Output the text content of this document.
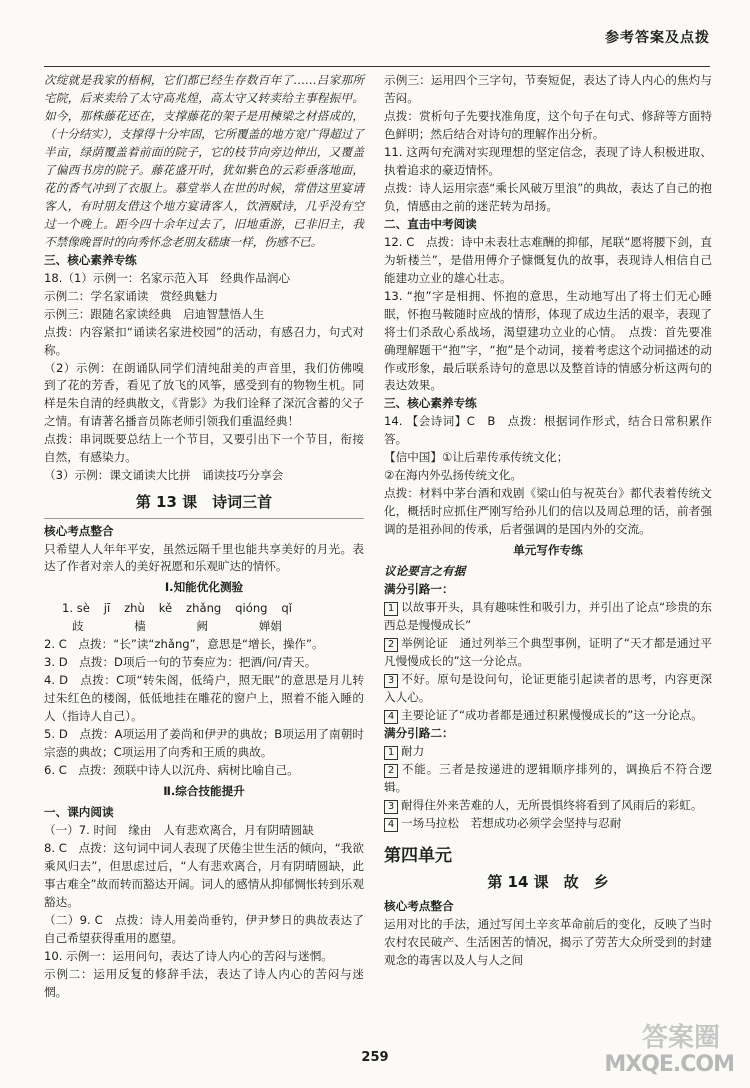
参考答案及点拨

次绽就是我家的梧桐，它们都已经生存数百年了……吕家那所宅院，后来卖给了太守高兆煌，高太守又转卖给主事程振甲。如今，那株藤花还在，支撑藤花的架子是用楝梁之材搭成的，（十分结实），支撑得十分牢固，它所覆盖的地方宽广得超过了半亩，绿荫覆盖着前面的院子，它的枝节向旁边伸出，又覆盖了偏西书房的院子。藤花盛开时，犹如紫色的云彩垂落地面，花的香气冲到了衣服上。慕堂举人在世的时候，常借这里宴请客人，有时朋友借这个地方宴请客人，饮酒赋诗，几乎没有空过一个晚上。距今四十余年过去了，旧地重游，已非旧主，我不禁像晚晋时的向秀怀念老朋友嵇康一样，伤感不已。

三、核心素养专练

18.（1）示例一：名家示范入耳　经典作品润心

示例二：学名家诵读　赏经典魅力

示例三：跟随名家读经典　启迪智慧悟人生

点拨：内容紧扣“诵读名家进校园”的活动，有感召力，句式对称。

（2）示例：在朗诵队同学们清纯甜美的声音里，我们仿佛嗅到了花的芳香，看见了放飞的风筝，感受到有的物物生机。同样是朱自清的经典散文，《背影》为我们诠释了深沉含蓄的父子之情。有请著名播音员陈老师引领我们重温经典！

点拨：串词既要总结上一个节目，又要引出下一个节目，衔接自然，有感染力。

（3）示例：课文诵读大比拼　诵读技巧分享会

第 13 课　诗词三首

核心考点整合

只希望人人年年平安，虽然远隔千里也能共享美好的月光。表达了作者对亲人的美好祝愿和乐观旷达的情怀。

Ⅰ.知能优化测验
1. sè jī zhù kě zhǎng qióng qǐ
歧	樯	阙	婵娟

2. C　点拨：“长”读“zhǎng”，意思是“增长，操作”。

3. D　点拨：D项后一句的节奏应为：把酒/问/青天。

4. D　点拨：C项“转朱阁，低绮户，照无眠”的意思是月儿转过朱红色的楼阁，低低地挂在雕花的窗户上，照着不能入睡的人（指诗人自己）。

5. D　点拨：A项运用了姜尚和伊尹的典故；B项运用了南朝时宗悫的典故；C项运用了向秀和王质的典故。

6. C　点拨：颈联中诗人以沉舟、病树比喻自己。

Ⅱ.综合技能提升

一、课内阅读

（一）7. 时间　缘由　人有悲欢离合，月有阴晴圆缺

8. C　点拨：这句词中词人表现了厌倦尘世生活的倾向，“我欲乘风归去”，但思虑过后，“人有悲欢离合，月有阴晴圆缺，此事古难全”故而转而豁达开阔。词人的感情从抑郁惆怅转到乐观豁达。

（二）9. C　点拨：诗人用姜尚垂钓，伊尹梦日的典故表达了自己希望获得重用的愿望。

10. 示例一：运用问句，表达了诗人内心的苦闷与迷惘。

示例二：运用反复的修辞手法，表达了诗人内心的苦闷与迷惘。

示例三：运用四个三字句，节奏短促，表达了诗人内心的焦灼与苦闷。

点拨：赏析句子先要找准角度，这个句子在句式、修辞等方面特色鲜明；然后结合对诗句的理解作出分析。

11. 这两句充满对实现理想的坚定信念，表现了诗人积极进取、执着追求的豪迈情怀。

点拨：诗人运用宗悫“乘长风破万里浪”的典故，表达了自己的抱负，情感由之前的迷茫转为昂扬。

二、直击中考阅读

12. C　点拨：诗中未表壮志难酬的抑郁，尾联“愿将腰下剑，直为斩楼兰”，是借用傅介子慷慨复仇的故事，表现诗人相信自己能建功立业的雄心壮志。

13. “抱”字是相拥、怀抱的意思，生动地写出了将士们无心睡眠，怀抱马鞍随时应战的情形，体现了成边生活的艰辛，表现了将士们杀敌心系战场，渴望建功立业的心情。　点拨：首先要准确理解题干“抱”字，“抱”是个动词，接着考虑这个动词描述的动作或形象，最后联系诗句的意思以及整首诗的情感分析这两句的表达效果。

三、核心素养专练

14. 【会诗词】C　B　点拨：根据词作形式，结合日常积累作答。

【信中国】①让后辈传承传统文化；

②在海内外弘扬传统文化。

点拨：材料中茅台酒和戏剧《梁山伯与祝英台》都代表着传统文化，概括时应抓住严刚写给孙儿们的信以及周总理的话，前者强调的是祖孙间的传承，后者强调的是国内外的交流。

单元写作专练

议论要言之有据

满分引路一：

1 以故事开头，具有趣味性和吸引力，并引出了论点“珍贵的东西总是慢慢成长”

2 举例论证　通过列举三个典型事例，证明了“天才都是通过平凡慢慢成长的”这一分论点。

3 不好。原句是设问句，论证更能引起读者的思考，内容更深入人心。

4 主要论证了“成功者都是通过积累慢慢成长的”这一分论点。

满分引路二：

1 耐力

2 不能。三者是按递进的逻辑顺序排列的，调换后不符合逻辑。

3 耐得住外来苦难的人，无所畏惧终将看到了风雨后的彩虹。

4 一场马拉松　若想成功必须学会坚持与忍耐

第四单元
第 14 课　故　乡

核心考点整合

运用对比的手法，通过写闰土辛亥革命前后的变化，反映了当时农村农民破产、生活困苦的情况，揭示了劳苦大众所受到的封建观念的毒害以及人与人之间

259
答案圈
MXQE.COM
